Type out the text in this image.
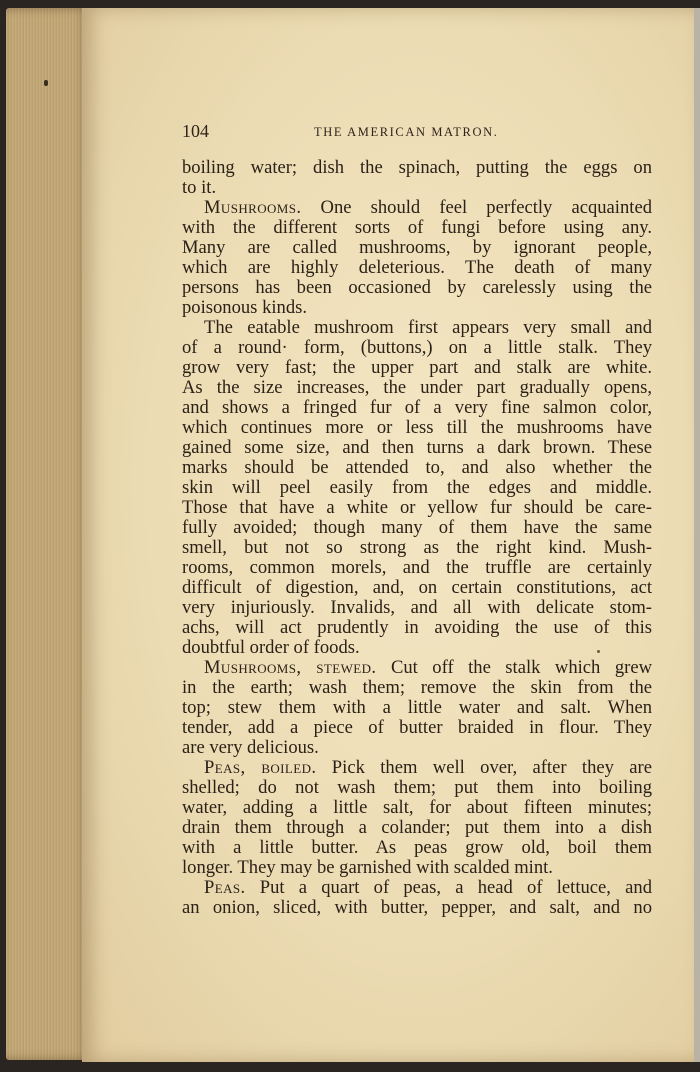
104	THE AMERICAN MATRON.

boiling water; dish the spinach, putting the eggs on

to it.

Mushrooms. One should feel perfectly acquainted

with the different sorts of fungi before using any.

Many are called mushrooms, by ignorant people,

which are highly deleterious. The death of many

persons has been occasioned by carelessly using the

poisonous kinds.

The eatable mushroom first appears very small and

of a round· form, (buttons,) on a little stalk. They

grow very fast; the upper part and stalk are white.

As the size increases, the under part gradually opens,

and shows a fringed fur of a very fine salmon color,

which continues more or less till the mushrooms have

gained some size, and then turns a dark brown. These

marks should be attended to, and also whether the

skin will peel easily from the edges and middle.

Those that have a white or yellow fur should be care-

fully avoided; though many of them have the same

smell, but not so strong as the right kind. Mush-

rooms, common morels, and the truffle are certainly

difficult of digestion, and, on certain constitutions, act

very injuriously. Invalids, and all with delicate stom-

achs, will act prudently in avoiding the use of this

doubtful order of foods.

Mushrooms, stewed. Cut off the stalk which grew

in the earth; wash them; remove the skin from the

top; stew them with a little water and salt. When

tender, add a piece of butter braided in flour. They

are very delicious.

Peas, boiled. Pick them well over, after they are

shelled; do not wash them; put them into boiling

water, adding a little salt, for about fifteen minutes;

drain them through a colander; put them into a dish

with a little butter. As peas grow old, boil them

longer. They may be garnished with scalded mint.

Peas. Put a quart of peas, a head of lettuce, and

an onion, sliced, with butter, pepper, and salt, and no
